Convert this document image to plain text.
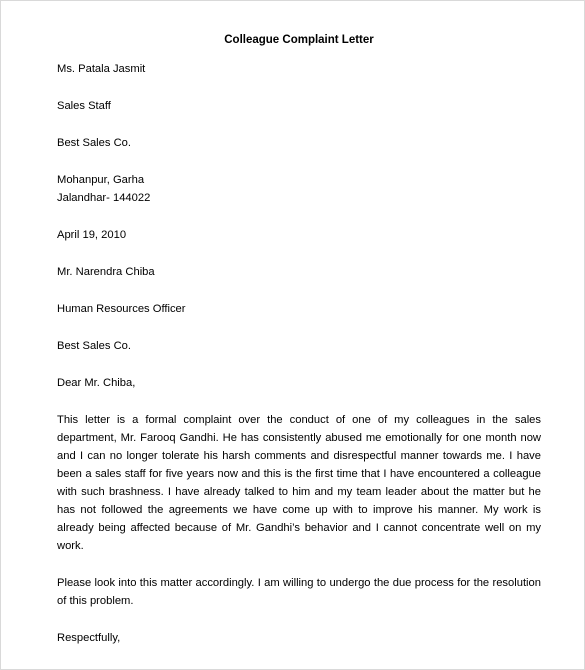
Colleague Complaint Letter
Ms. Patala Jasmit
Sales Staff
Best Sales Co.
Mohanpur, Garha
Jalandhar- 144022
April 19, 2010
Mr. Narendra Chiba
Human Resources Officer
Best Sales Co.
Dear Mr. Chiba,

This letter is a formal complaint over the conduct of one of my colleagues in the sales department, Mr. Farooq Gandhi. He has consistently abused me emotionally for one month now and I can no longer tolerate his harsh comments and disrespectful manner towards me. I have been a sales staff for five years now and this is the first time that I have encountered a colleague with such brashness. I have already talked to him and my team leader about the matter but he has not followed the agreements we have come up with to improve his manner. My work is already being affected because of Mr. Gandhi’s behavior and I cannot concentrate well on my work.

Please look into this matter accordingly. I am willing to undergo the due process for the resolution of this problem.

Respectfully,
